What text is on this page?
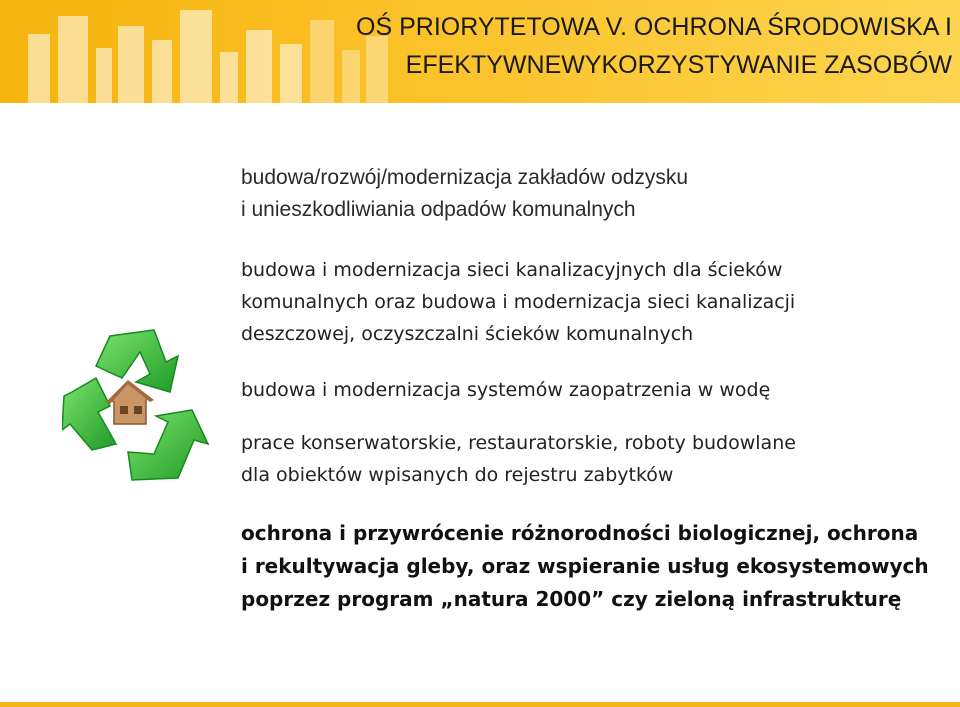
OŚ PRIORYTETOWA V. OCHRONA ŚRODOWISKA I
EFEKTYWNEWYKORZYSTYWANIE ZASOBÓW
budowa/rozwój/modernizacja zakładów odzysku
i unieszkodliwiania odpadów komunalnych
budowa i modernizacja sieci kanalizacyjnych dla ścieków
komunalnych oraz budowa i modernizacja sieci kanalizacji
deszczowej, oczyszczalni ścieków komunalnych
budowa i modernizacja systemów zaopatrzenia w wodę
prace konserwatorskie, restauratorskie, roboty budowlane
dla obiektów wpisanych do rejestru zabytków
ochrona i przywrócenie różnorodności biologicznej, ochrona
i rekultywacja gleby, oraz wspieranie usług ekosystemowych
poprzez program „natura 2000” czy zieloną infrastrukturę
